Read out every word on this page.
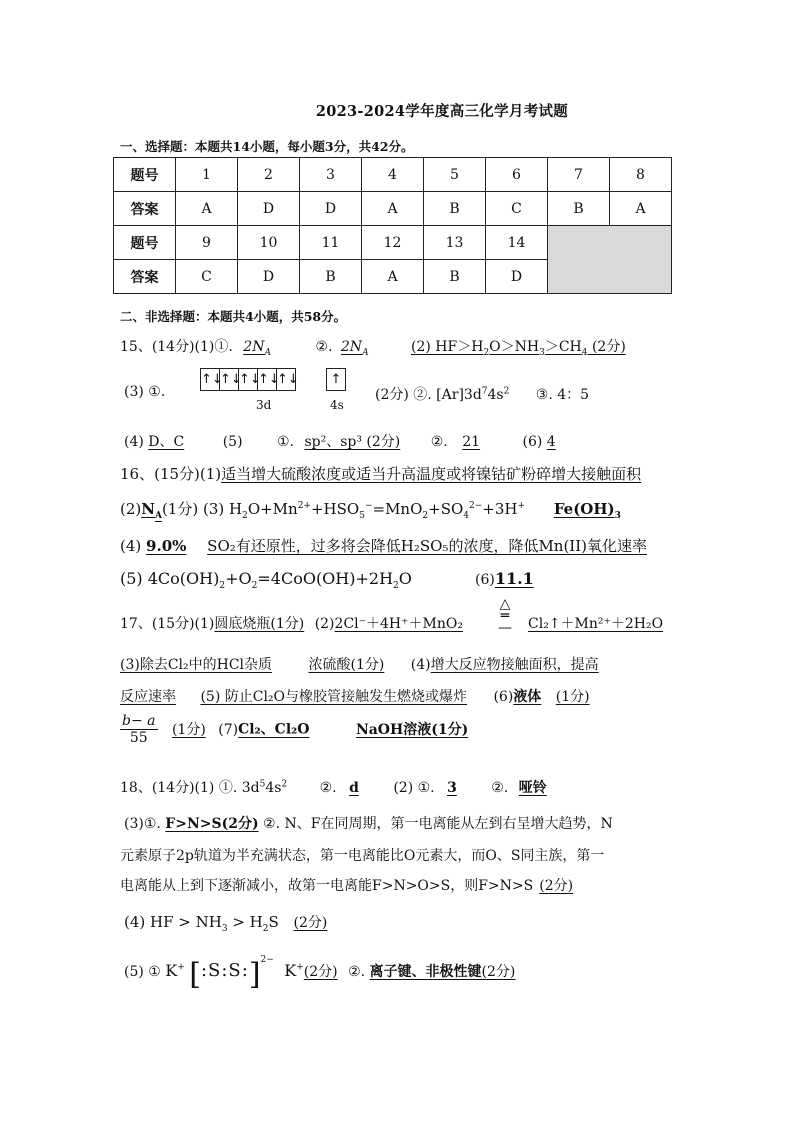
2023-2024学年度高三化学月考试题
一、选择题：本题共14小题，每小题3分，共42分。
题号	1	2	3	4	5	6	7	8
答案	A	D	D	A	B	C	B	A
题号	9	10	11	12	13	14		
答案	C	D	B	A	B	D		
二、非选择题：本题共4小题，共58分。
15、(14分)(1)①. $2N_A$	②. $2N_A$	(2) $HF>H_2O>NH_3>CH_4$ (2分)
(3) ①.
↑↓
↑↓
↑↓
↑↓
↑↓ ↑
3d	4s
(2分) ②. $[Ar]3d^74s^2$ ③. 4：5
(4) D、C	(5) ①. sp²、sp³ (2分) ②. 21	(6) 4
16、(15分)(1)适当增大硫酸浓度或适当升高温度或将镍钴矿粉碎增大接触面积
$(2)N_A(1$分) (3) $H_2O+Mn^{2+}+HSO_5^-=MnO_2+SO_4^{2-}+3H^+$ $Fe(OH)_3$
(4) 9.0% SO₂有还原性，过多将会降低H₂SO₅的浓度，降低Mn(II)氧化速率
(5) $4Co(OH)_2+O_2=4CoO(OH)+2H_2O$	(6)11.1
17、(15分)(1)圆底烧瓶(1分) (2)2Cl⁻＋4H⁺＋MnO₂
△
═
— Cl₂↑＋Mn²⁺＋2H₂O
(3)除去Cl₂中的HCl杂质	浓硫酸(1分) (4)增大反应物接触面积，提高
反应速率 (5) 防止Cl₂O与橡胶管接触发生燃烧或爆炸 (6)液体 (1分)
$\frac{b- a}{55} (1$分) (7)Cl₂、Cl₂O	NaOH溶液(1分)
18、(14分)(1) ①. $3d^54s^2$ ②. d (2) ①. 3 ②. 哑铃
(3)①. F>N>S(2分) ②. N、F在同周期，第一电离能从左到右呈增大趋势，N
元素原子2p轨道为半充满状态，第一电离能比O元素大，而O、S同主族，第一
电离能从上到下逐渐减小，故第一电离能F>N>O>S，则F>N>S (2分)
(4) HF > $NH_3 > H_2S$ (2分)
(5) ① K+ [:S:S:]$^{2-}$ K+(2分) ②. 离子键、非极性键(2分)
